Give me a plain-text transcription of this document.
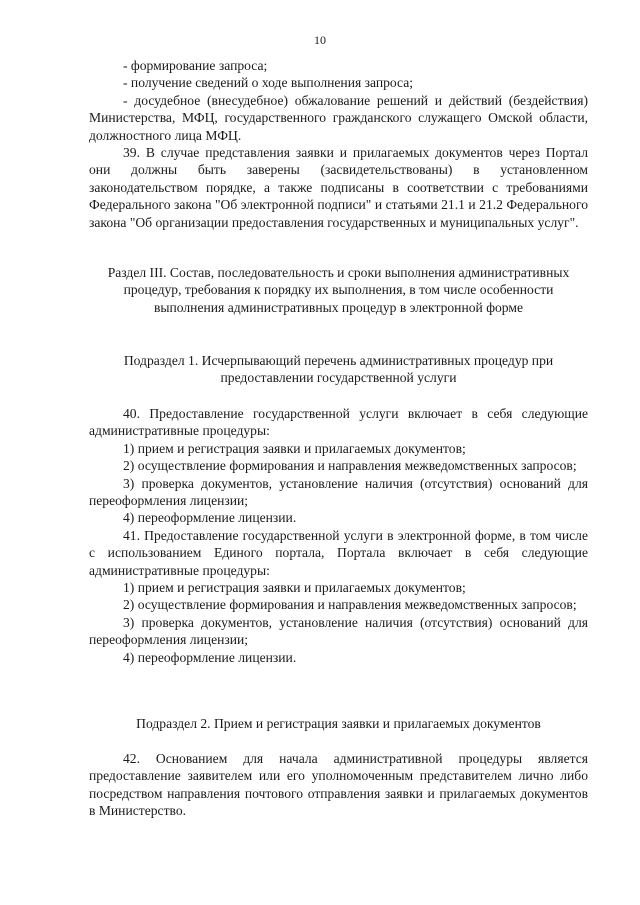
10

- формирование запроса;

- получение сведений о ходе выполнения запроса;

- досудебное (внесудебное) обжалование решений и действий (бездействия) Министерства, МФЦ, государственного гражданского служащего Омской области, должностного лица МФЦ.

39. В случае представления заявки и прилагаемых документов через Портал они должны быть заверены (засвидетельствованы) в установленном законодательством порядке, а также подписаны в соответствии с требованиями Федерального закона "Об электронной подписи" и статьями 21.1 и 21.2 Федерального закона "Об организации предоставления государственных и муниципальных услуг".

Раздел III. Состав, последовательность и сроки выполнения административных процедур, требования к порядку их выполнения, в том числе особенности выполнения административных процедур в электронной форме

Подраздел 1. Исчерпывающий перечень административных процедур при предоставлении государственной услуги

40. Предоставление государственной услуги включает в себя следующие административные процедуры:

1) прием и регистрация заявки и прилагаемых документов;

2) осуществление формирования и направления межведомственных запросов;

3) проверка документов, установление наличия (отсутствия) оснований для переоформления лицензии;

4) переоформление лицензии.

41. Предоставление государственной услуги в электронной форме, в том числе с использованием Единого портала, Портала включает в себя следующие административные процедуры:

1) прием и регистрация заявки и прилагаемых документов;

2) осуществление формирования и направления межведомственных запросов;

3) проверка документов, установление наличия (отсутствия) оснований для переоформления лицензии;

4) переоформление лицензии.

Подраздел 2. Прием и регистрация заявки и прилагаемых документов

42. Основанием для начала административной процедуры является предоставление заявителем или его уполномоченным представителем лично либо посредством направления почтового отправления заявки и прилагаемых документов в Министерство.
